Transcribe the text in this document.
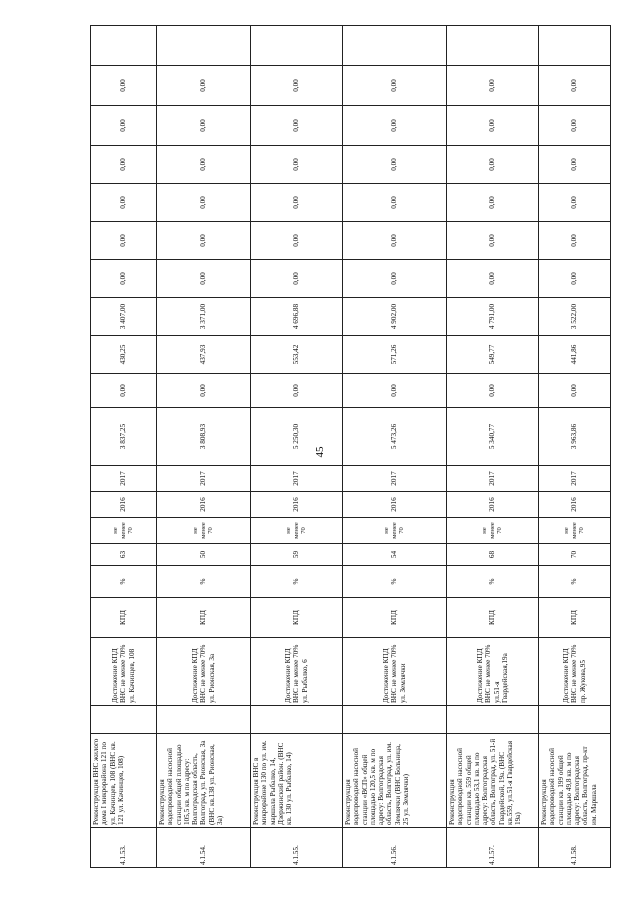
45
4.1.53.	Реконструкция ВНС жилого дома I микрорайона 121 по ул. Качинцев, 108 (ВНС кв. 121 ул. Качинцев, 108)		Достижение КПД ВНС не менее 70% ул. Качинцев, 108	КПД	%	63	не менее 70	2016	2017	3 837,25	0,00	430,25	3 407,00	0,00	0,00	0,00	0,00	0,00	0,00	
4.1.54.	Реконструкция водопроводной насосной станции общей площадью 105,5 кв. м по адресу: Волгоградская область, Волгоград, ул. Рионская, 3а (ВНС кв.138 ул. Рионская, 3а)		Достижение КПД ВНС не менее 70% ул. Рионская, 3а	КПД	%	50	не менее 70	2016	2017	3 808,93	0,00	437,93	3 371,00	0,00	0,00	0,00	0,00	0,00	0,00	
4.1.55.	Реконструкция ВНС в микрорайоне 130 по ул. им. маршала Рыбалко, 14, Дзержинский район. (ВНС кв. 130 ул. Рыбалко, 14)		Достижение КПД ВНС не менее 70% ул. Рыбалко, 6	КПД	%	59	не менее 70	2016	2017	5 250,30	0,00	553,42	4 696,88	0,00	0,00	0,00	0,00	0,00	0,00	
4.1.56.	Реконструкция водопроводной насосной станции «ВСП» общей площадью 120,5 кв. м по адресу: Волгоградская область, Волгоград, ул. им. Землячки (ВНС Больница, 25 ул. Землячки)		Достижение КПД ВНС не менее 70% ул. Землячки	КПД	%	54	не менее 70	2016	2017	5 473,26	0,00	571,26	4 902,00	0,00	0,00	0,00	0,00	0,00	0,00	
4.1.57.	Реконструкция водопроводной насосной станции кв. 559 общей площадью 53,1 кв. м по адресу: Волгоградская область, Волгоград, ул. 51-й Гвардейской, 19а. (ВНС кв.559, ул.51-я Гвардейская 19а)		Достижение КПД ВНС не менее 70% ул.51-я Гвардейская,19а	КПД	%	68	не менее 70	2016	2017	5 340,77	0,00	549,77	4 791,00	0,00	0,00	0,00	0,00	0,00	0,00	
4.1.58.	Реконструкция водопроводной насосной станции кв. 199 общей площадью 49,8 кв. м по адресу: Волгоградская область, Волгоград, пр-кт им. Маршала		Достижение КПД ВНС не менее 70% пр. Жукова,95	КПД	%	70	не менее 70	2016	2017	3 963,86	0,00	441,86	3 522,00	0,00	0,00	0,00	0,00	0,00	0,00	
